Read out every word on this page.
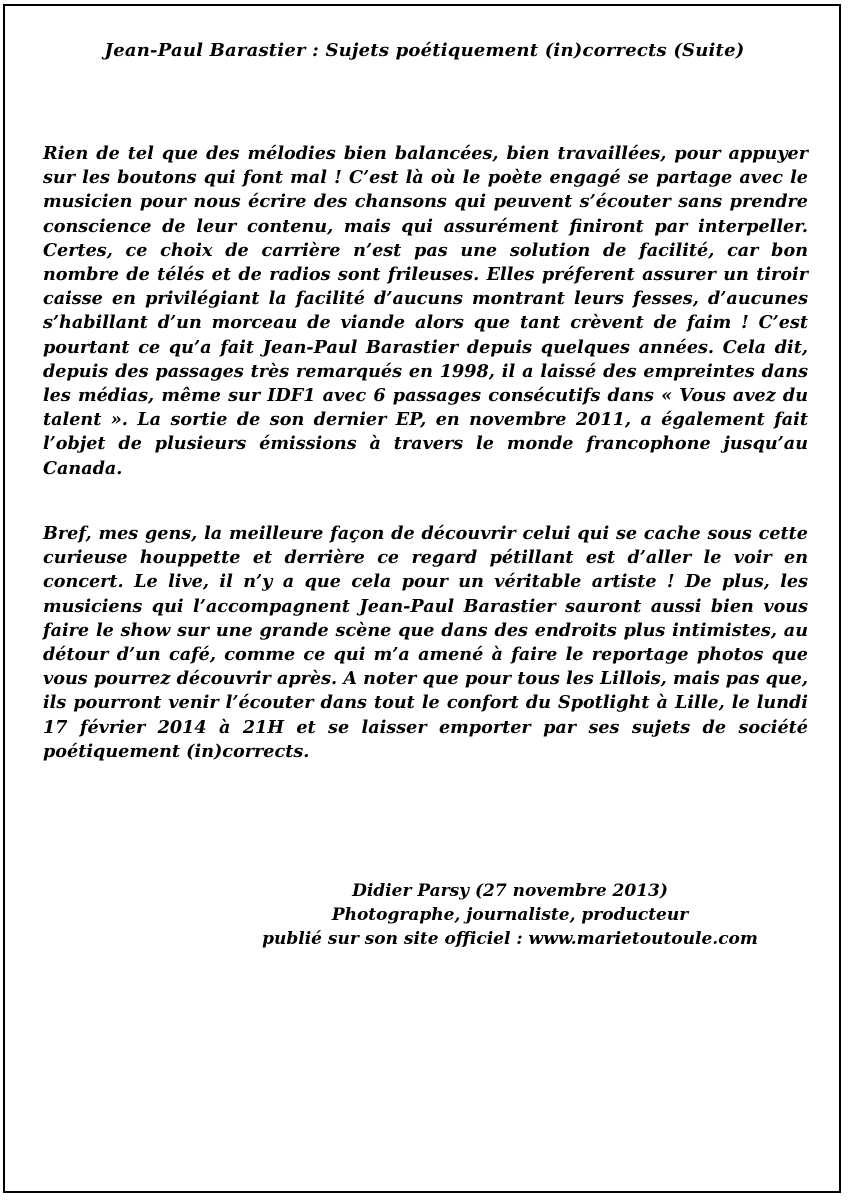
Jean-Paul Barastier : Sujets poétiquement (in)corrects (Suite)

Rien de tel que des mélodies bien balancées, bien travaillées, pour appuyer sur les boutons qui font mal ! C’est là où le poète engagé se partage avec le musicien pour nous écrire des chansons qui peuvent s’écouter sans prendre conscience de leur contenu, mais qui assurément finiront par interpeller. Certes, ce choix de carrière n’est pas une solution de facilité, car bon nombre de télés et de radios sont frileuses. Elles préferent assurer un tiroir caisse en privilégiant la facilité d’aucuns montrant leurs fesses, d’aucunes s’habillant d’un morceau de viande alors que tant crèvent de faim ! C’est pourtant ce qu’a fait Jean-Paul Barastier depuis quelques années. Cela dit, depuis des passages très remarqués en 1998, il a laissé des empreintes dans les médias, même sur IDF1 avec 6 passages consécutifs dans « Vous avez du talent ». La sortie de son dernier EP, en novembre 2011, a également fait l’objet de plusieurs émissions à travers le monde francophone jusqu’au Canada.

Bref, mes gens, la meilleure façon de découvrir celui qui se cache sous cette curieuse houppette et derrière ce regard pétillant est d’aller le voir en concert. Le live, il n’y a que cela pour un véritable artiste ! De plus, les musiciens qui l’accompagnent Jean-Paul Barastier sauront aussi bien vous faire le show sur une grande scène que dans des endroits plus intimistes, au détour d’un café, comme ce qui m’a amené à faire le reportage photos que vous pourrez découvrir après. A noter que pour tous les Lillois, mais pas que, ils pourront venir l’écouter dans tout le confort du Spotlight à Lille, le lundi 17 février 2014 à 21H et se laisser emporter par ses sujets de société poétiquement (in)corrects.

Didier Parsy (27 novembre 2013)
Photographe, journaliste, producteur
publié sur son site officiel : www.marietoutoule.com
